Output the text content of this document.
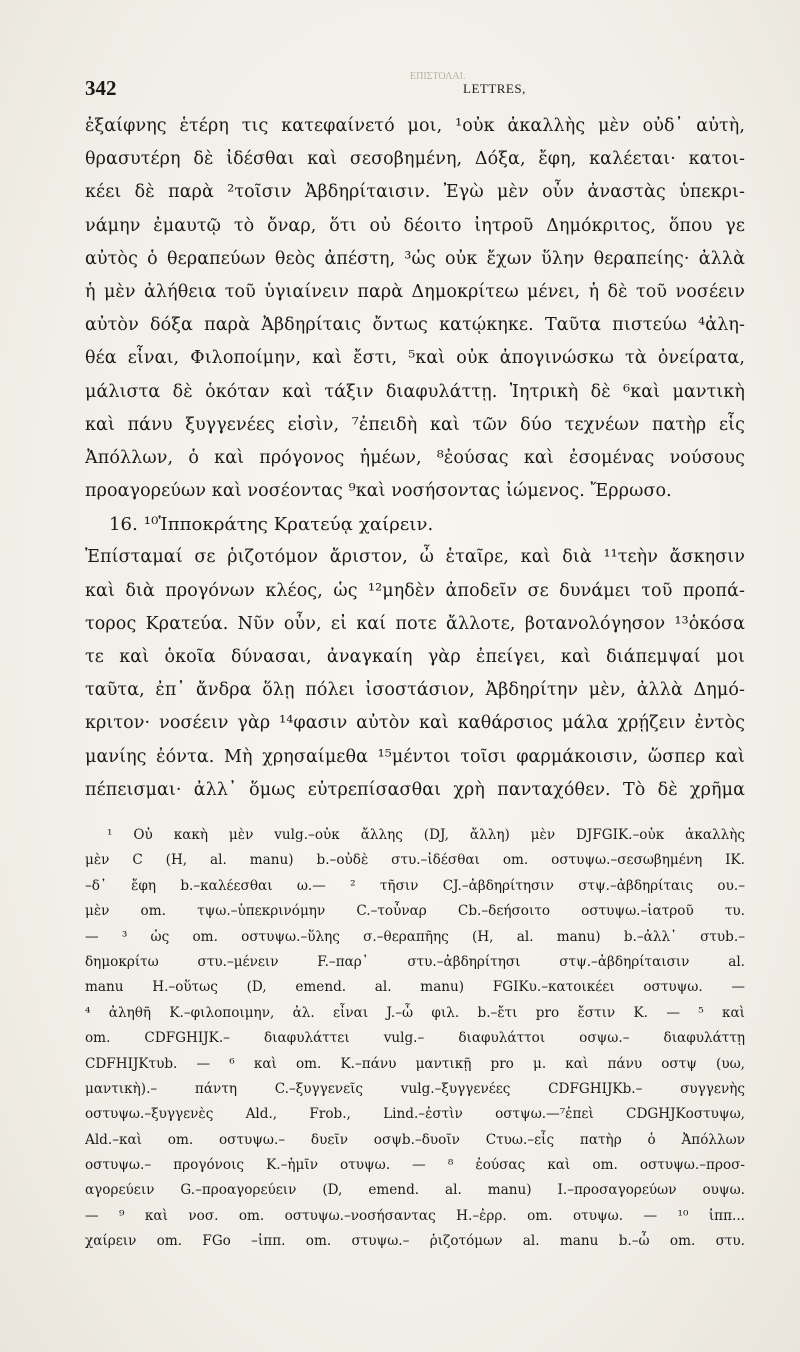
ΕΠΙΣΤΟΛΑΙ.
342	LETTRES,
ἐξαίφνης ἑτέρη τις κατεφαίνετό μοι, ¹οὐκ ἀκαλλὴς μὲν οὐδ᾽ αὐτὴ,
θρασυτέρη δὲ ἰδέσθαι καὶ σεσοβημένη, Δόξα, ἔφη, καλέεται· κατοι-
κέει δὲ παρὰ ²τοῖσιν Ἀβδηρίταισιν. Ἐγὼ μὲν οὖν ἀναστὰς ὑπεκρι-
νάμην ἐμαυτῷ τὸ ὄναρ, ὅτι οὐ δέοιτο ἰητροῦ Δημόκριτος, ὅπου γε
αὐτὸς ὁ θεραπεύων θεὸς ἀπέστη, ³ὡς οὐκ ἔχων ὕλην θεραπείης· ἀλλὰ
ἡ μὲν ἀλήθεια τοῦ ὑγιαίνειν παρὰ Δημοκρίτεω μένει, ἡ δὲ τοῦ νοσέειν
αὐτὸν δόξα παρὰ Ἀβδηρίταις ὄντως κατῴκηκε. Ταῦτα πιστεύω ⁴ἀλη-
θέα εἶναι, Φιλοποίμην, καὶ ἔστι, ⁵καὶ οὐκ ἀπογινώσκω τὰ ὀνείρατα,
μάλιστα δὲ ὁκόταν καὶ τάξιν διαφυλάττῃ. Ἰητρικὴ δὲ ⁶καὶ μαντικὴ
καὶ πάνυ ξυγγενέες εἰσὶν, ⁷ἐπειδὴ καὶ τῶν δύο τεχνέων πατὴρ εἷς
Ἀπόλλων, ὁ καὶ πρόγονος ἡμέων, ⁸ἐούσας καὶ ἐσομένας νούσους
προαγορεύων καὶ νοσέοντας ⁹καὶ νοσήσοντας ἰώμενος. Ἔρρωσο.
16. ¹⁰Ἱπποκράτης Κρατεύᾳ χαίρειν.
Ἐπίσταμαί σε ῥιζοτόμον ἄριστον, ὦ ἑταῖρε, καὶ διὰ ¹¹τεὴν ἄσκησιν
καὶ διὰ προγόνων κλέος, ὡς ¹²μηδὲν ἀποδεῖν σε δυνάμει τοῦ προπά-
τορος Κρατεύα. Νῦν οὖν, εἰ καί ποτε ἄλλοτε, βοτανολόγησον ¹³ὁκόσα
τε καὶ ὁκοῖα δύνασαι, ἀναγκαίη γὰρ ἐπείγει, καὶ διάπεμψαί μοι
ταῦτα, ἐπ᾽ ἄνδρα ὅλῃ πόλει ἰσοστάσιον, Ἀβδηρίτην μὲν, ἀλλὰ Δημό-
κριτον· νοσέειν γὰρ ¹⁴φασιν αὐτὸν καὶ καθάρσιος μάλα χρῄζειν ἐντὸς
μανίης ἐόντα. Μὴ χρησαίμεθα ¹⁵μέντοι τοῖσι φαρμάκοισιν, ὥσπερ καὶ
πέπεισμαι· ἀλλ᾽ ὅμως εὐτρεπίσασθαι χρὴ πανταχόθεν. Τὸ δὲ χρῆμα
¹ Οὐ κακὴ μὲν vulg.–οὐκ ἄλλης (DJ, ἄλλη) μὲν DJFGIK.–οὐκ ἀκαλλὴς
μὲν C (H, al. manu) b.–οὐδὲ στυ.–ἰδέσθαι om. οστυψω.–σεσωβημένη IK.
–δ᾽ ἔφη b.–καλέεσθαι ω.— ² τῆσιν CJ.–ἀβδηρίτησιν στψ.–ἀβδηρίταις ου.–
μὲν om. τψω.–ὑπεκρινόμην C.–τοὖναρ Cb.–δεήσοιτο οστυψω.–ἰατροῦ τυ.
— ³ ὡς om. οστυψω.–ὕλης σ.–θεραπῆης (H, al. manu) b.–ἀλλ᾽ στυb.–
δημοκρίτω στυ.–μένειν F.–παρ᾽ στυ.–ἀβδηρίτησι στψ.–ἀβδηρίταισιν al.
manu H.–οὕτως (D, emend. al. manu) FGIKυ.–κατοικέει οστυψω. —
⁴ ἀληθῆ K.–φιλοποιμην, ἀλ. εἶναι J.–ὦ φιλ. b.–ἔτι pro ἔστιν K. — ⁵ καὶ
om. CDFGHIJK.– διαφυλάττει vulg.– διαφυλάττοι οσψω.– διαφυλάττῃ
CDFHIJKτυb. — ⁶ καὶ om. K.–πάνυ μαντικῇ pro μ. καὶ πάνυ οστψ (υω,
μαντικὴ).– πάντη C.–ξυγγενεῖς vulg.–ξυγγενέες CDFGHIJKb.– συγγενὴς
οστυψω.–ξυγγενὲς Ald., Frob., Lind.–ἐστὶν οστψω.—⁷ἐπεὶ CDGHJKοστυψω,
Ald.–καὶ om. οστυψω.– δυεῖν οσψb.–δυοῖν Cτυω.–εἷς πατὴρ ὁ Ἀπόλλων
οστυψω.– προγόνοις K.–ἡμῖν οτυψω. — ⁸ ἐούσας καὶ om. οστυψω.–προσ-
αγορεύειν G.–προαγορεύειν (D, emend. al. manu) I.–προσαγορεύων ουψω.
— ⁹ καὶ νοσ. om. οστυψω.–νοσήσαντας H.–ἐρρ. om. οτυψω. — ¹⁰ ἱππ...
χαίρειν om. FGο –ἱππ. om. στυψω.– ῥιζοτόμων al. manu b.–ὦ om. στυ.
